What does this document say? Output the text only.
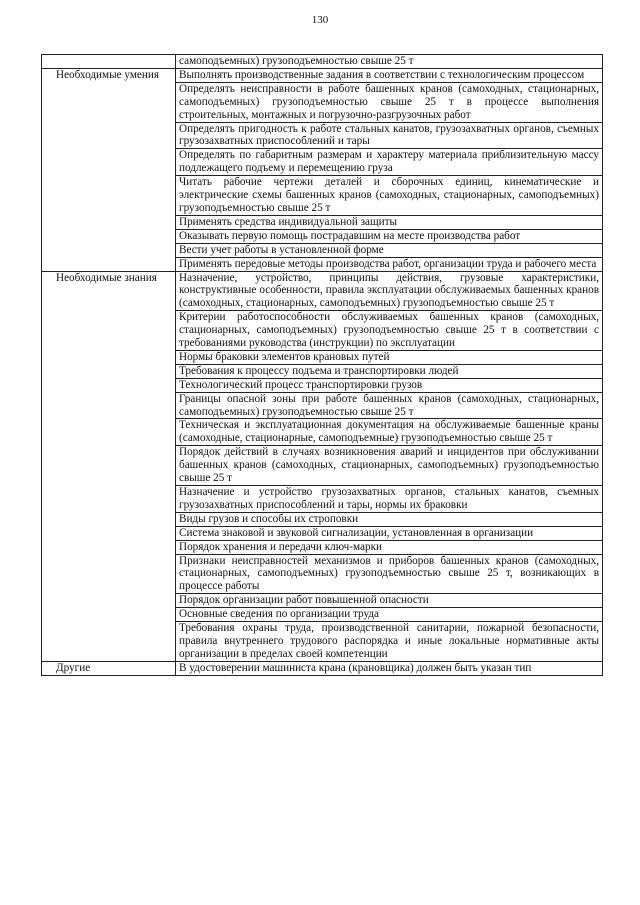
130
	самоподъемных) грузоподъемностью свыше 25 т
Необходимые умения	Выполнять производственные задания в соответствии с технологическим процессом
	Определять неисправности в работе башенных кранов (самоходных, стационарных, самоподъемных) грузоподъемностью свыше 25 т в процессе выполнения строительных, монтажных и погрузочно-разгрузочных работ
	Определять пригодность к работе стальных канатов, грузозахватных органов, съемных грузозахватных приспособлений и тары
	Определять по габаритным размерам и характеру материала приблизительную массу подлежащего подъему и перемещению груза
	Читать рабочие чертежи деталей и сборочных единиц, кинематические и электрические схемы башенных кранов (самоходных, стационарных, самоподъемных) грузоподъемностью свыше 25 т
	Применять средства индивидуальной защиты
	Оказывать первую помощь пострадавшим на месте производства работ
	Вести учет работы в установленной форме
	Применять передовые методы производства работ, организации труда и рабочего места
Необходимые знания	Назначение, устройство, принципы действия, грузовые характеристики, конструктивные особенности, правила эксплуатации обслуживаемых башенных кранов (самоходных, стационарных, самоподъемных) грузоподъемностью свыше 25 т
	Критерии работоспособности обслуживаемых башенных кранов (самоходных, стационарных, самоподъемных) грузоподъемностью свыше 25 т в соответствии с требованиями руководства (инструкции) по эксплуатации
	Нормы браковки элементов крановых путей
	Требования к процессу подъема и транспортировки людей
	Технологический процесс транспортировки грузов
	Границы опасной зоны при работе башенных кранов (самоходных, стационарных, самоподъемных) грузоподъемностью свыше 25 т
	Техническая и эксплуатационная документация на обслуживаемые башенные краны (самоходные, стационарные, самоподъемные) грузоподъемностью свыше 25 т
	Порядок действий в случаях возникновения аварий и инцидентов при обслуживании башенных кранов (самоходных, стационарных, самоподъемных) грузоподъемностью свыше 25 т
	Назначение и устройство грузозахватных органов, стальных канатов, съемных грузозахватных приспособлений и тары, нормы их браковки
	Виды грузов и способы их строповки
	Система знаковой и звуковой сигнализации, установленная в организации
	Порядок хранения и передачи ключ-марки
	Признаки неисправностей механизмов и приборов башенных кранов (самоходных, стационарных, самоподъемных) грузоподъемностью свыше 25 т, возникающих в процессе работы
	Порядок организации работ повышенной опасности
	Основные сведения по организации труда
	Требования охраны труда, производственной санитарии, пожарной безопасности, правила внутреннего трудового распорядка и иные локальные нормативные акты организации в пределах своей компетенции
Другие	В удостоверении машиниста крана (крановщика) должен быть указан тип
